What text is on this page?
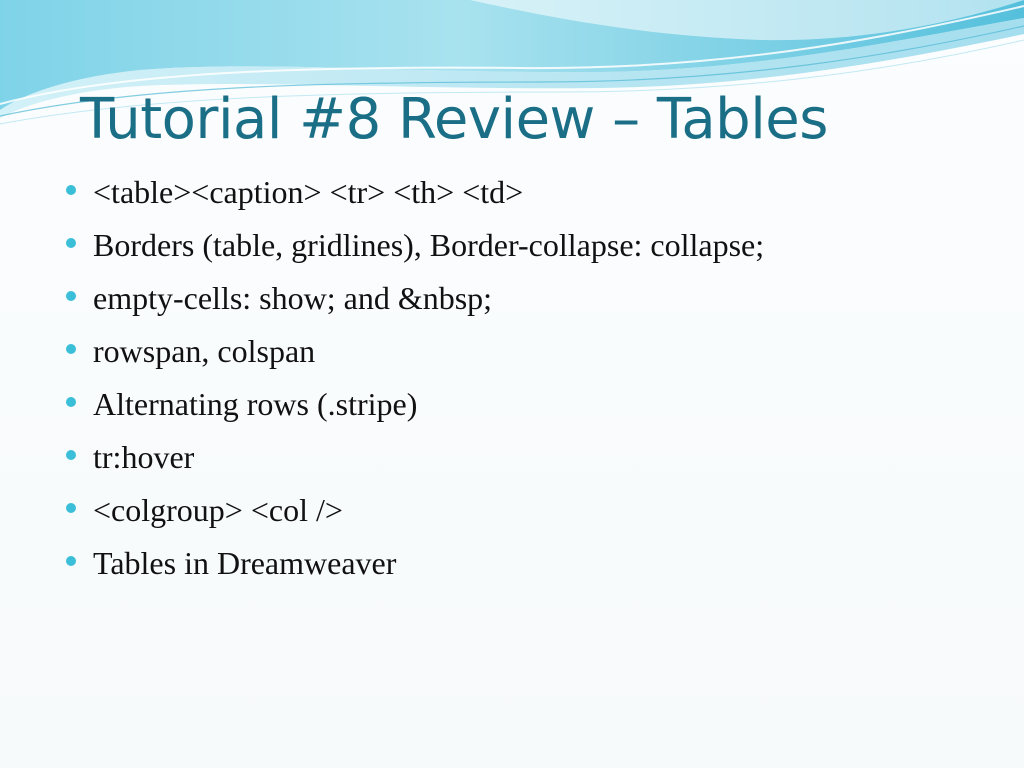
Tutorial #8 Review – Tables
<table><caption> <tr> <th> <td>
Borders (table, gridlines), Border-collapse: collapse;
empty-cells: show; and &nbsp;
rowspan, colspan
Alternating rows (.stripe)
tr:hover
<colgroup> <col />
Tables in Dreamweaver
